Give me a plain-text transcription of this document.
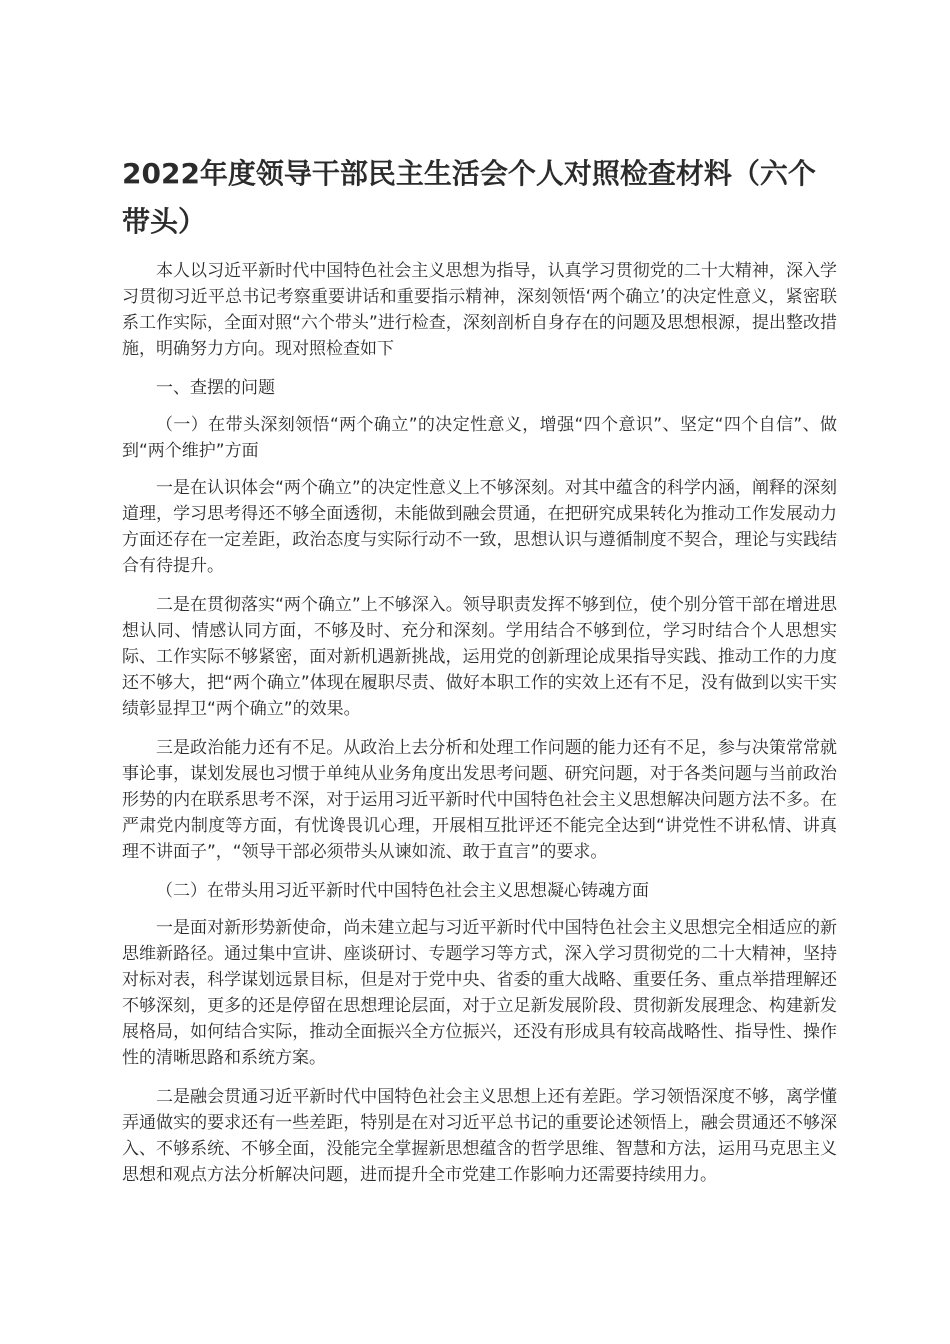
2022年度领导干部民主生活会个人对照检查材料（六个带头）

本人以习近平新时代中国特色社会主义思想为指导，认真学习贯彻党的二十大精神，深入学习贯彻习近平总书记考察重要讲话和重要指示精神，深刻领悟‘两个确立’的决定性意义，紧密联系工作实际，全面对照“六个带头”进行检查，深刻剖析自身存在的问题及思想根源，提出整改措施，明确努力方向。现对照检查如下

一、查摆的问题

（一）在带头深刻领悟“两个确立”的决定性意义，增强“四个意识”、坚定“四个自信”、做到“两个维护”方面

一是在认识体会“两个确立”的决定性意义上不够深刻。对其中蕴含的科学内涵，阐释的深刻道理，学习思考得还不够全面透彻，未能做到融会贯通，在把研究成果转化为推动工作发展动力方面还存在一定差距，政治态度与实际行动不一致，思想认识与遵循制度不契合，理论与实践结合有待提升。

二是在贯彻落实“两个确立”上不够深入。领导职责发挥不够到位，使个别分管干部在增进思想认同、情感认同方面，不够及时、充分和深刻。学用结合不够到位，学习时结合个人思想实际、工作实际不够紧密，面对新机遇新挑战，运用党的创新理论成果指导实践、推动工作的力度还不够大，把“两个确立”体现在履职尽责、做好本职工作的实效上还有不足，没有做到以实干实绩彰显捍卫“两个确立”的效果。

三是政治能力还有不足。从政治上去分析和处理工作问题的能力还有不足，参与决策常常就事论事，谋划发展也习惯于单纯从业务角度出发思考问题、研究问题，对于各类问题与当前政治形势的内在联系思考不深，对于运用习近平新时代中国特色社会主义思想解决问题方法不多。在严肃党内制度等方面，有忧谗畏讥心理，开展相互批评还不能完全达到“讲党性不讲私情、讲真理不讲面子”，“领导干部必须带头从谏如流、敢于直言”的要求。

（二）在带头用习近平新时代中国特色社会主义思想凝心铸魂方面

一是面对新形势新使命，尚未建立起与习近平新时代中国特色社会主义思想完全相适应的新思维新路径。通过集中宣讲、座谈研讨、专题学习等方式，深入学习贯彻党的二十大精神，坚持对标对表，科学谋划远景目标，但是对于党中央、省委的重大战略、重要任务、重点举措理解还不够深刻，更多的还是停留在思想理论层面，对于立足新发展阶段、贯彻新发展理念、构建新发展格局，如何结合实际，推动全面振兴全方位振兴，还没有形成具有较高战略性、指导性、操作性的清晰思路和系统方案。

二是融会贯通习近平新时代中国特色社会主义思想上还有差距。学习领悟深度不够，离学懂弄通做实的要求还有一些差距，特别是在对习近平总书记的重要论述领悟上，融会贯通还不够深入、不够系统、不够全面，没能完全掌握新思想蕴含的哲学思维、智慧和方法，运用马克思主义思想和观点方法分析解决问题，进而提升全市党建工作影响力还需要持续用力。
